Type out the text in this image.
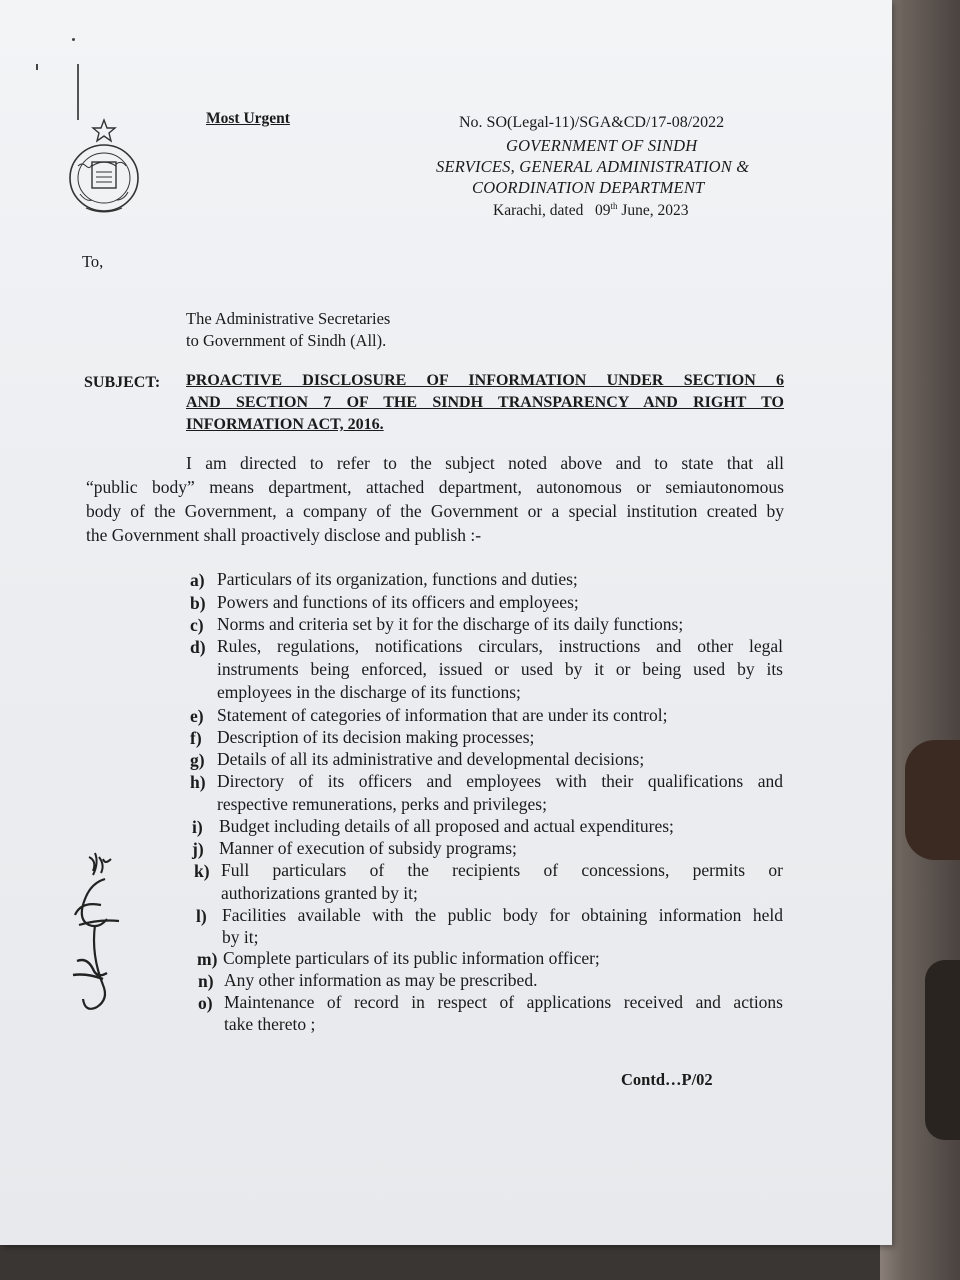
Most Urgent	No. SO(Legal-11)/SGA&CD/17-08/2022
GOVERNMENT OF SINDH
SERVICES, GENERAL ADMINISTRATION &
COORDINATION DEPARTMENT
Karachi, dated 09th June, 2023
To,
The Administrative Secretaries
to Government of Sindh (All).
SUBJECT: PROACTIVE DISCLOSURE OF INFORMATION UNDER SECTION 6
AND SECTION 7 OF THE SINDH TRANSPARENCY AND RIGHT TO
INFORMATION ACT, 2016.
I am directed to refer to the subject noted above and to state that all
“public body” means department, attached department, autonomous or semiautonomous
body of the Government, a company of the Government or a special institution created by
the Government shall proactively disclose and publish :-
a) Particulars of its organization, functions and duties;
b) Powers and functions of its officers and employees;
c) Norms and criteria set by it for the discharge of its daily functions;
d) Rules, regulations, notifications circulars, instructions and other legal
instruments being enforced, issued or used by it or being used by its
employees in the discharge of its functions;
e) Statement of categories of information that are under its control;
f) Description of its decision making processes;
g) Details of all its administrative and developmental decisions;
h) Directory of its officers and employees with their qualifications and
respective remunerations, perks and privileges;
i) Budget including details of all proposed and actual expenditures;
j) Manner of execution of subsidy programs;
k) Full particulars of the recipients of concessions, permits or
authorizations granted by it;
l) Facilities available with the public body for obtaining information held
by it;
m) Complete particulars of its public information officer;
n) Any other information as may be prescribed.
o) Maintenance of record in respect of applications received and actions
take thereto ;
Contd…P/02
